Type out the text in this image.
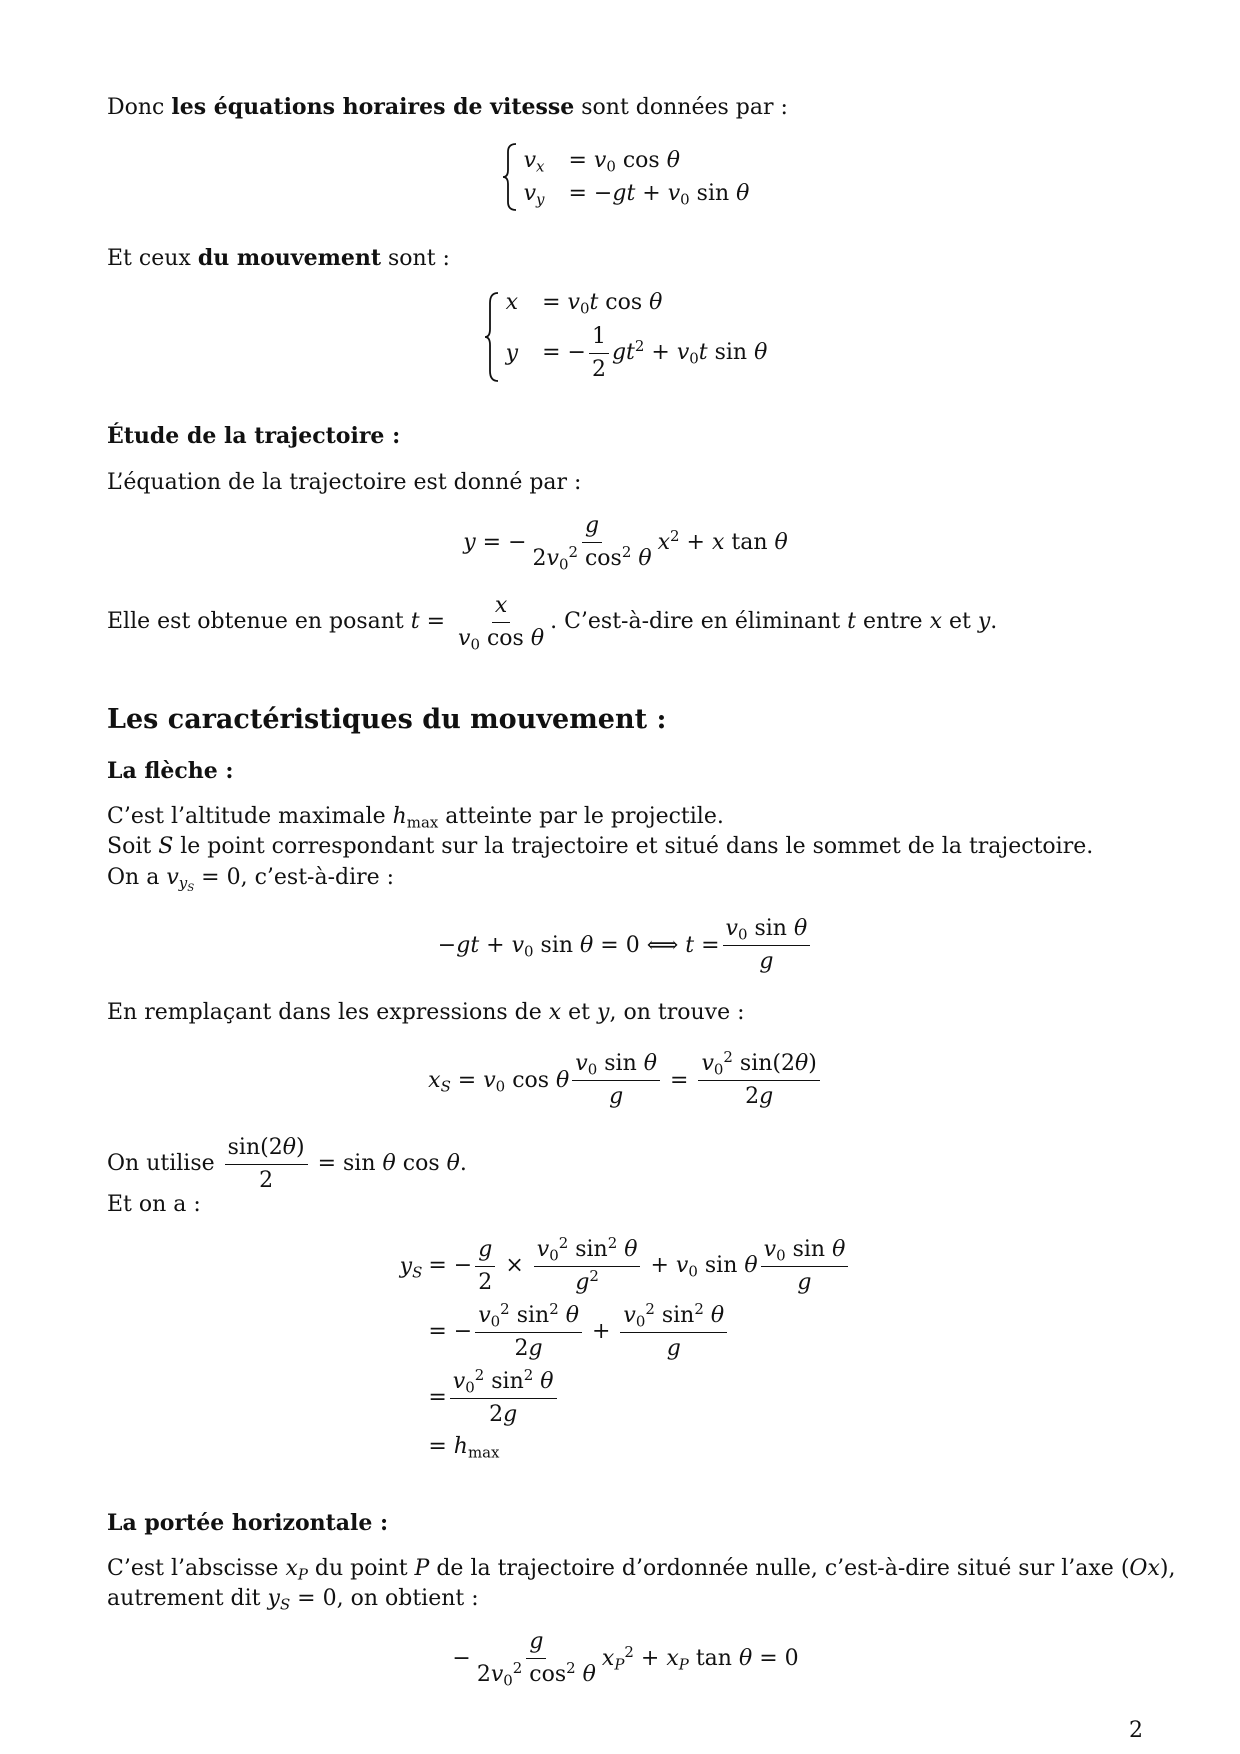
Donc les équations horaires de vitesse sont données par :
$v_x = v_0$ cos θ
$v_y = -gt + v_0$ sin θ
Et ceux du mouvement sont :
$x = v_0t$ cos θ
y = − $\frac{1}{2} gt^2 + v_0t$ sin θ
Étude de la trajectoire :
L’équation de la trajectoire est donné par :
y = − $\frac{g}{2v_0^2 \cos^2 \theta} x^2 + x$ tan θ
Elle est obtenue en posant t =
$\frac{x}{v_0 \cos \theta}$ . C’est-à-dire en éliminant t entre x et y.
Les caractéristiques du mouvement :
La flèche :
C’est l’altitude maximale $h_{max}$ atteinte par le projectile.
Soit S le point correspondant sur la trajectoire et situé dans le sommet de la trajectoire.
On a $v_{y_S} = 0$, c’est-à-dire :
$-gt + v_0$ sin θ = 0 ⟺ $t = \frac{v_0 \sin \theta}{g}$
En remplaçant dans les expressions de x et y, on trouve :
$x_S = v_0$ cos θ $\frac{v_0 \sin \theta}{g}$
=
$\frac{v_0^2 \sin(2\theta)}{2g}$
On utilise
$\frac{\sin(2\theta)}{2}$
= sin θ cos θ.
Et on a :
$y_S$ = − $\frac{g}{2} \times \frac{v_0^2 \sin^2 \theta}{g^2} + v_0$ sin θ $\frac{v_0 \sin \theta}{g}$
= − $\frac{v_0^2 \sin^2 \theta}{2g} + \frac{v_0^2 \sin^2 \theta}{g}$
= $\frac{v_0^2 \sin^2 \theta}{2g}$
= $h_{max}$
La portée horizontale :
C’est l’abscisse $x_P$ du point P de la trajectoire d’ordonnée nulle, c’est-à-dire situé sur l’axe (Ox),
autrement dit $y_S = 0$, on obtient :
− $\frac{g}{2v_0^2 \cos^2 \theta} x_P^2 + x_P$ tan θ = 0
2
